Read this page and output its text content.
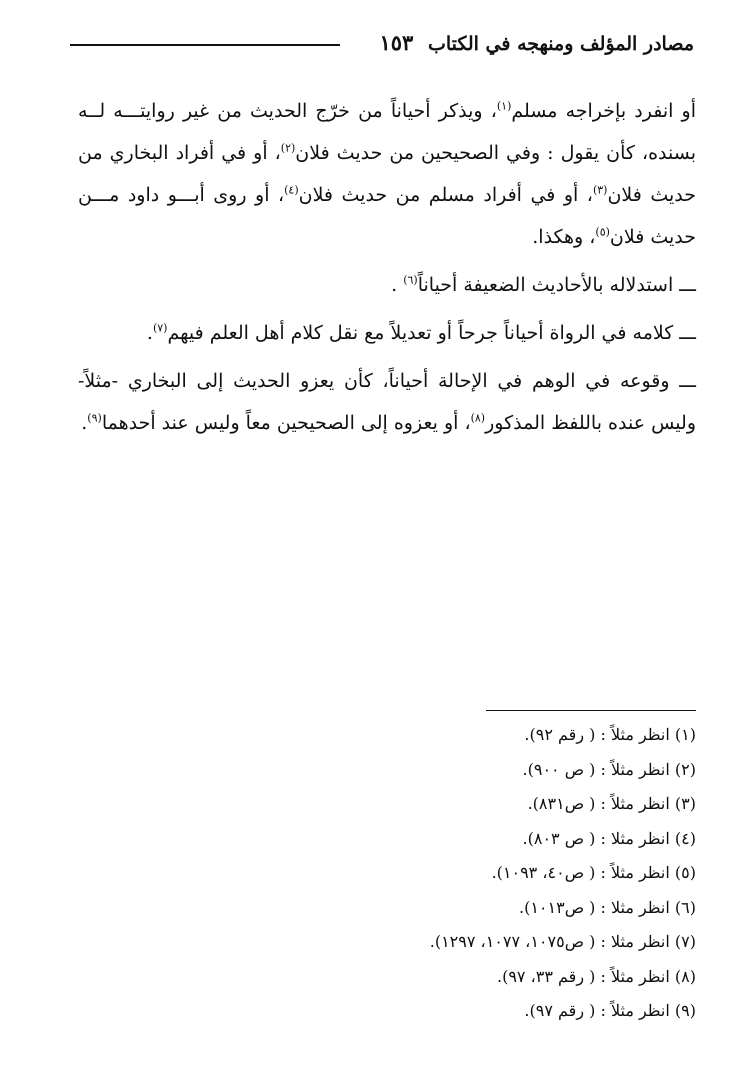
مصادر المؤلف ومنهجه في الكتاب ١٥٣

أو انفرد بإخراجه مسلم$^{(١)}$، ويذكر أحياناً من خرّج الحديث من غير روايتـــه لــه بسنده، كأن يقول : وفي الصحيحين من حديث فلان$^{(٢)}$، أو في أفراد البخاري من حديث فلان$^{(٣)}$، أو في أفراد مسلم من حديث فلان$^{(٤)}$، أو روى أبـــو داود مـــن حديث فلان$^{(٥)}$، وهكذا.

ـــ استدلاله بالأحاديث الضعيفة أحياناً$^{(٦)}$ .

ـــ كلامه في الرواة أحياناً جرحاً أو تعديلاً مع نقل كلام أهل العلم فيهم$^{(٧)}$.

ـــ وقوعه في الوهم في الإحالة أحياناً، كأن يعزو الحديث إلى البخاري -مثلاً- وليس عنده باللفظ المذكور$^{(٨)}$، أو يعزوه إلى الصحيحين معاً وليس عند أحدهما$^{(٩)}$.

(١) انظر مثلاً : ( رقم ٩٢).
(٢) انظر مثلاً : ( ص ٩٠٠).
(٣) انظر مثلاً : ( ص٨٣١).
(٤) انظر مثلا : ( ص ٨٠٣).
(٥) انظر مثلاً : ( ص٤٠، ١٠٩٣).
(٦) انظر مثلا : ( ص١٠١٣).
(٧) انظر مثلا : ( ص١٠٧٥، ١٠٧٧، ١٢٩٧).
(٨) انظر مثلاً : ( رقم ٣٣، ٩٧).
(٩) انظر مثلاً : ( رقم ٩٧).
